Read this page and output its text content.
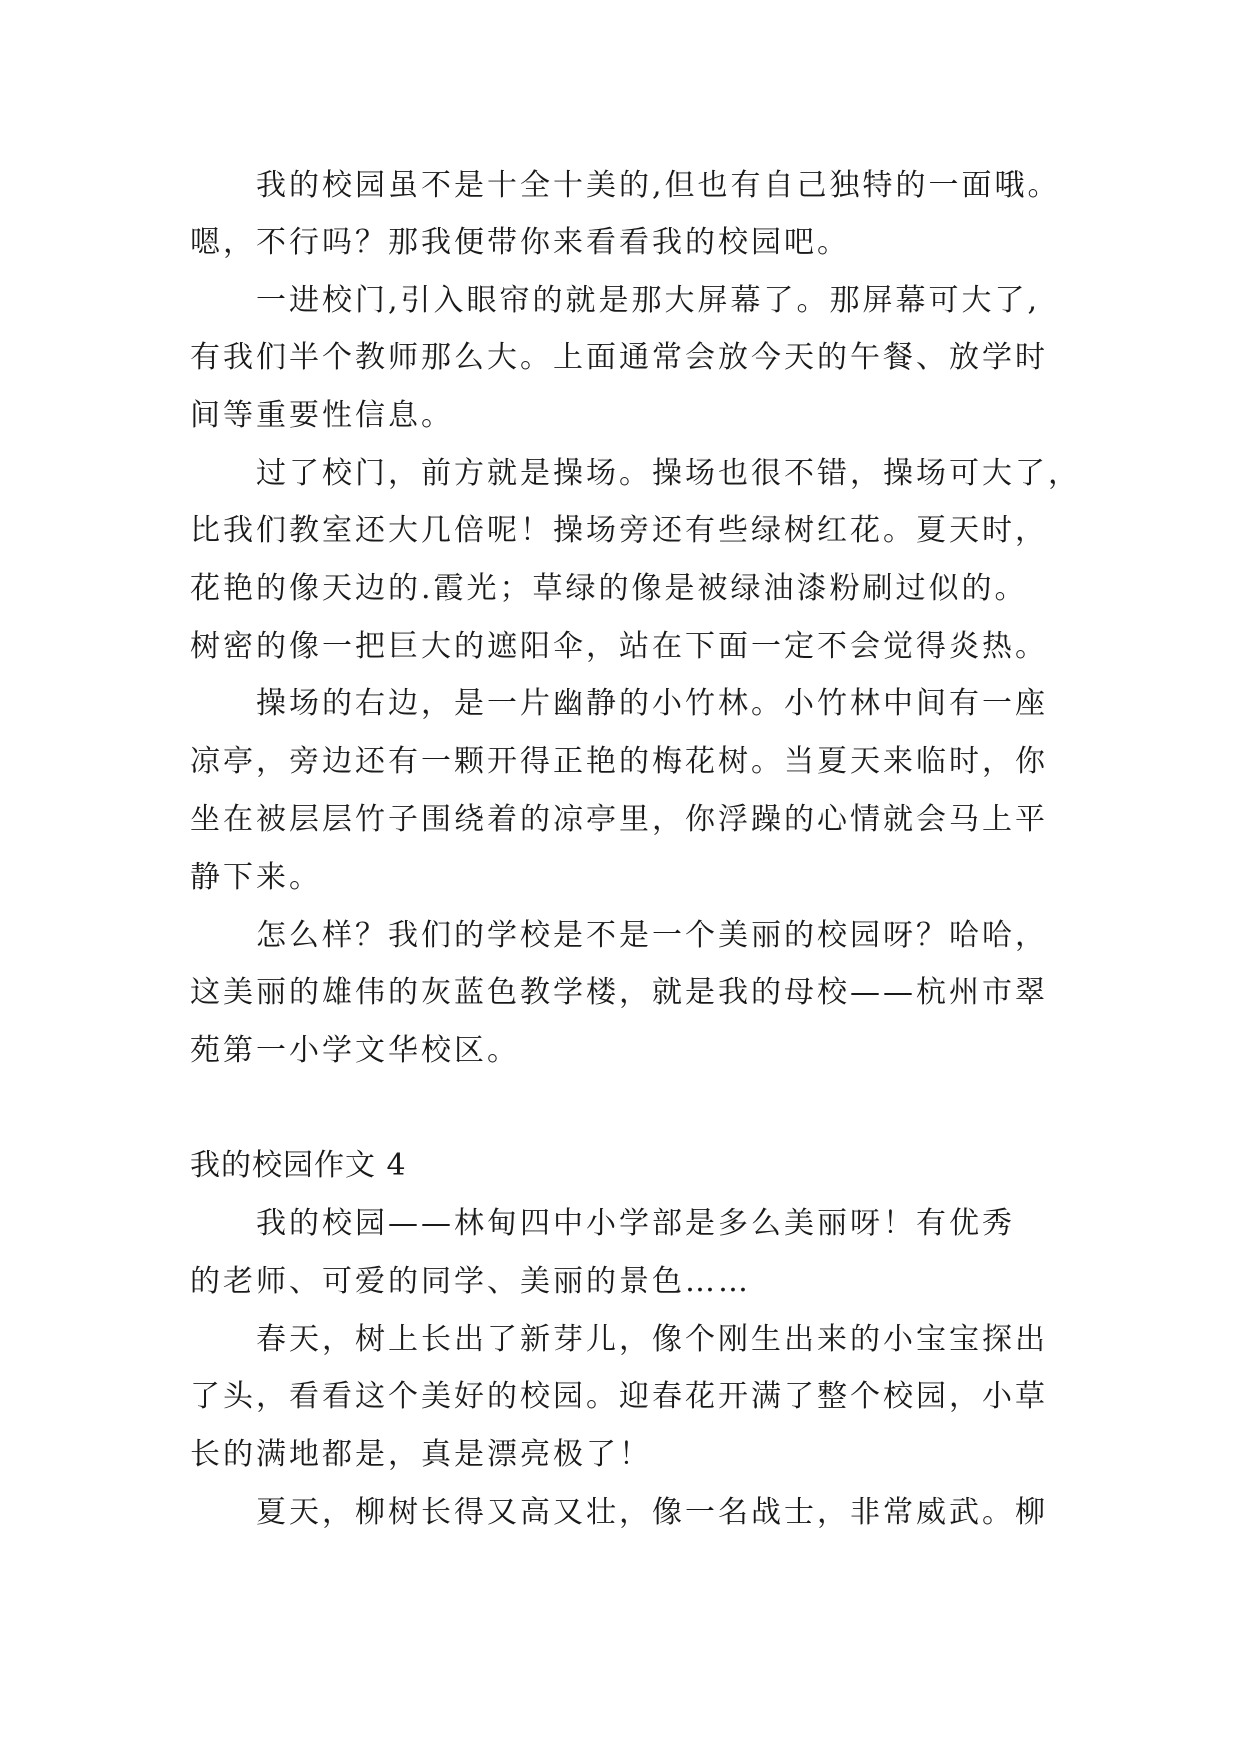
我的校园虽不是十全十美的,但也有自己独特的一面哦。
嗯，不行吗？那我便带你来看看我的校园吧。
一进校门,引入眼帘的就是那大屏幕了。那屏幕可大了,
有我们半个教师那么大。上面通常会放今天的午餐、放学时
间等重要性信息。
过了校门，前方就是操场。操场也很不错，操场可大了，
比我们教室还大几倍呢！操场旁还有些绿树红花。夏天时，
花艳的像天边的.霞光；草绿的像是被绿油漆粉刷过似的。
树密的像一把巨大的遮阳伞，站在下面一定不会觉得炎热。
操场的右边，是一片幽静的小竹林。小竹林中间有一座
凉亭，旁边还有一颗开得正艳的梅花树。当夏天来临时，你
坐在被层层竹子围绕着的凉亭里，你浮躁的心情就会马上平
静下来。
怎么样？我们的学校是不是一个美丽的校园呀？哈哈，
这美丽的雄伟的灰蓝色教学楼，就是我的母校——杭州市翠
苑第一小学文华校区。
我的校园作文 4
我的校园——林甸四中小学部是多么美丽呀！有优秀
的老师、可爱的同学、美丽的景色……
春天，树上长出了新芽儿，像个刚生出来的小宝宝探出
了头，看看这个美好的校园。迎春花开满了整个校园，小草
长的满地都是，真是漂亮极了！
夏天，柳树长得又高又壮，像一名战士，非常威武。柳
